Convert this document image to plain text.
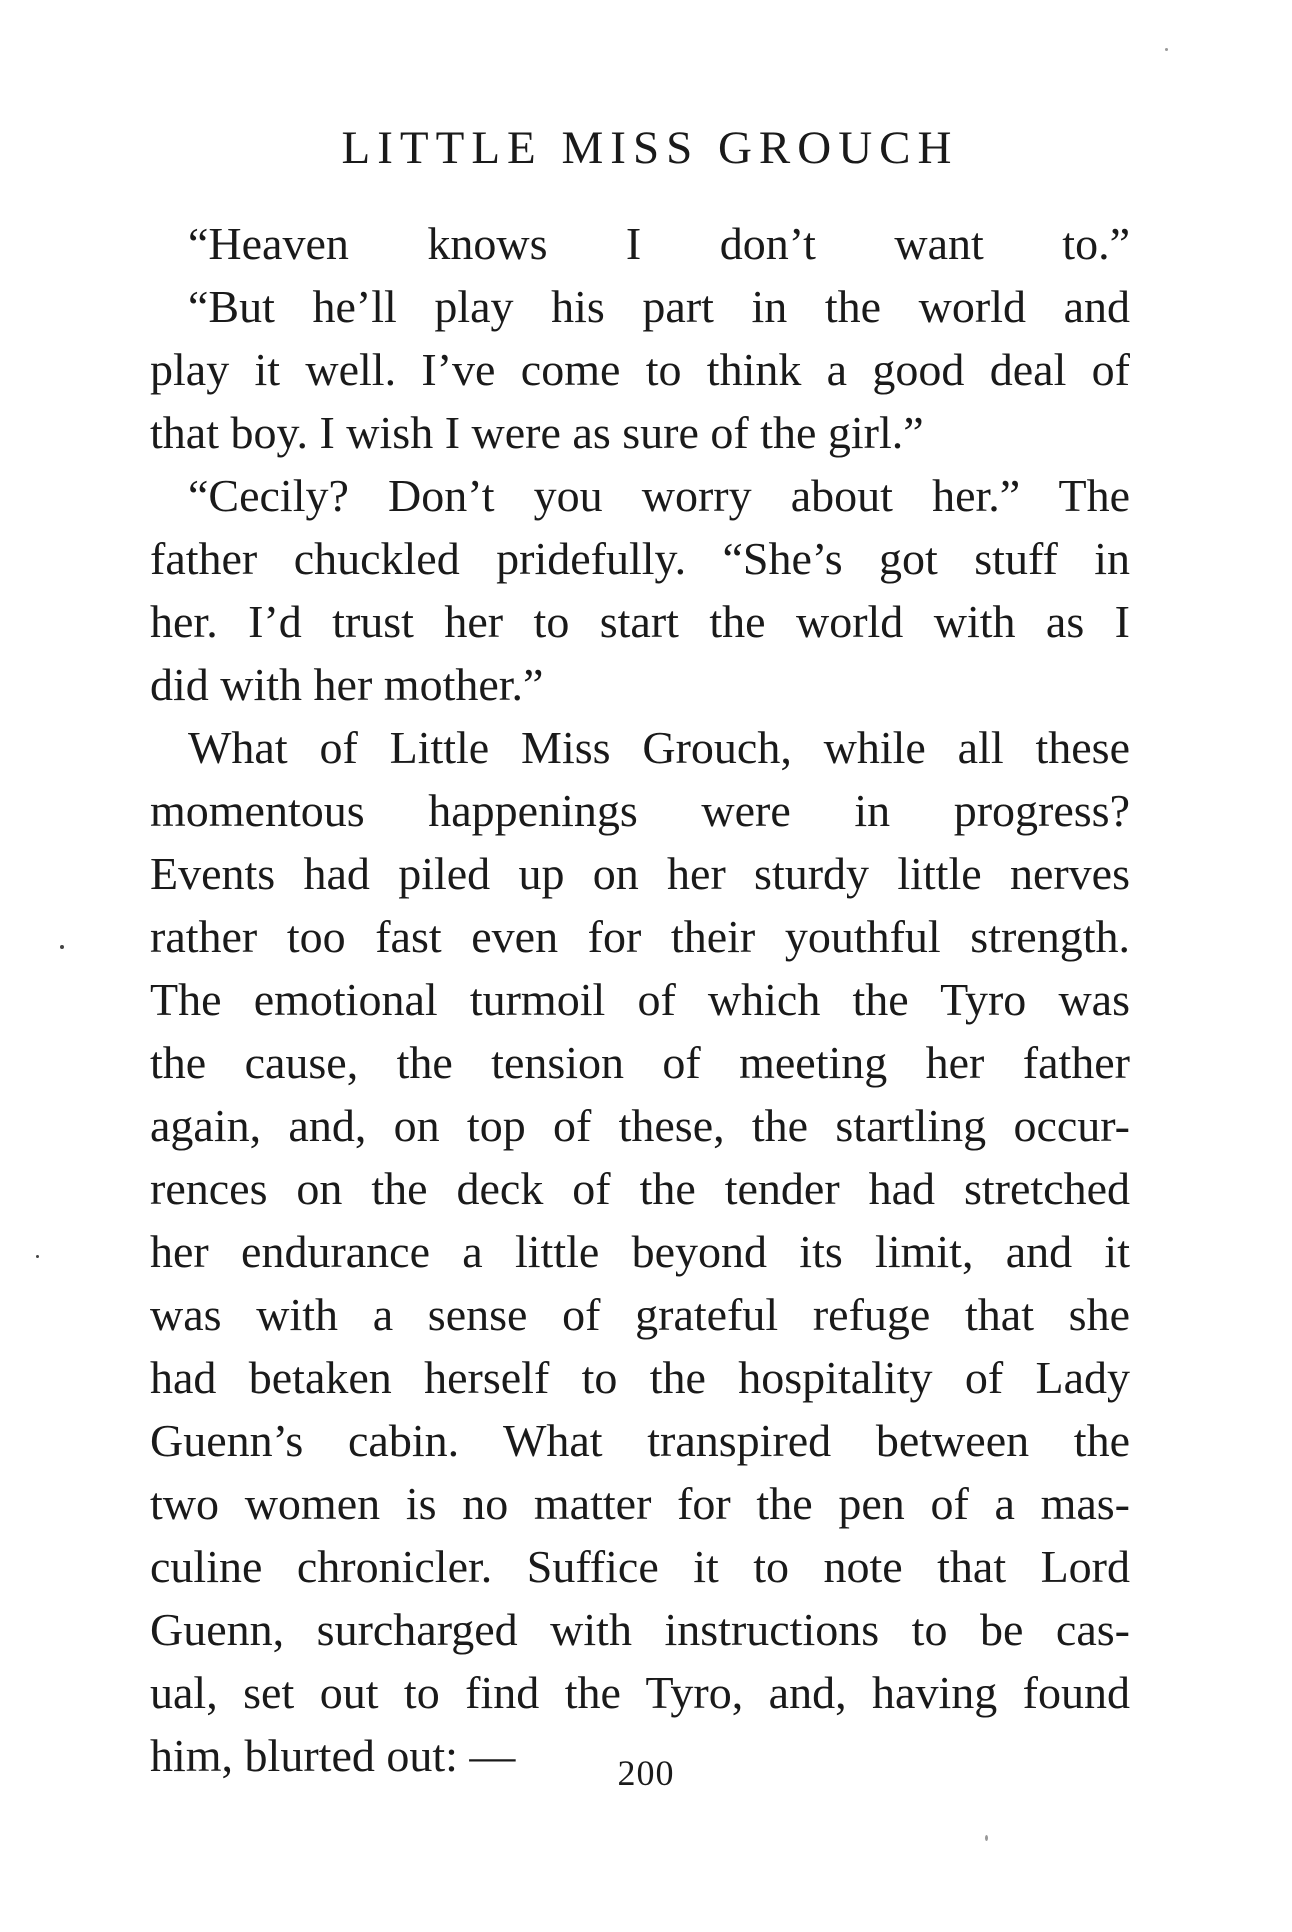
LITTLE MISS GROUCH
“Heaven knows I don’t want to.”
“But he’ll play his part in the world and
play it well. I’ve come to think a good deal of
that boy. I wish I were as sure of the girl.”
“Cecily? Don’t you worry about her.” The
father chuckled pridefully. “She’s got stuff in
her. I’d trust her to start the world with as I
did with her mother.”
What of Little Miss Grouch, while all these
momentous happenings were in progress?
Events had piled up on her sturdy little nerves
rather too fast even for their youthful strength.
The emotional turmoil of which the Tyro was
the cause, the tension of meeting her father
again, and, on top of these, the startling occur-
rences on the deck of the tender had stretched
her endurance a little beyond its limit, and it
was with a sense of grateful refuge that she
had betaken herself to the hospitality of Lady
Guenn’s cabin. What transpired between the
two women is no matter for the pen of a mas-
culine chronicler. Suffice it to note that Lord
Guenn, surcharged with instructions to be cas-
ual, set out to find the Tyro, and, having found
him, blurted out: —	200
